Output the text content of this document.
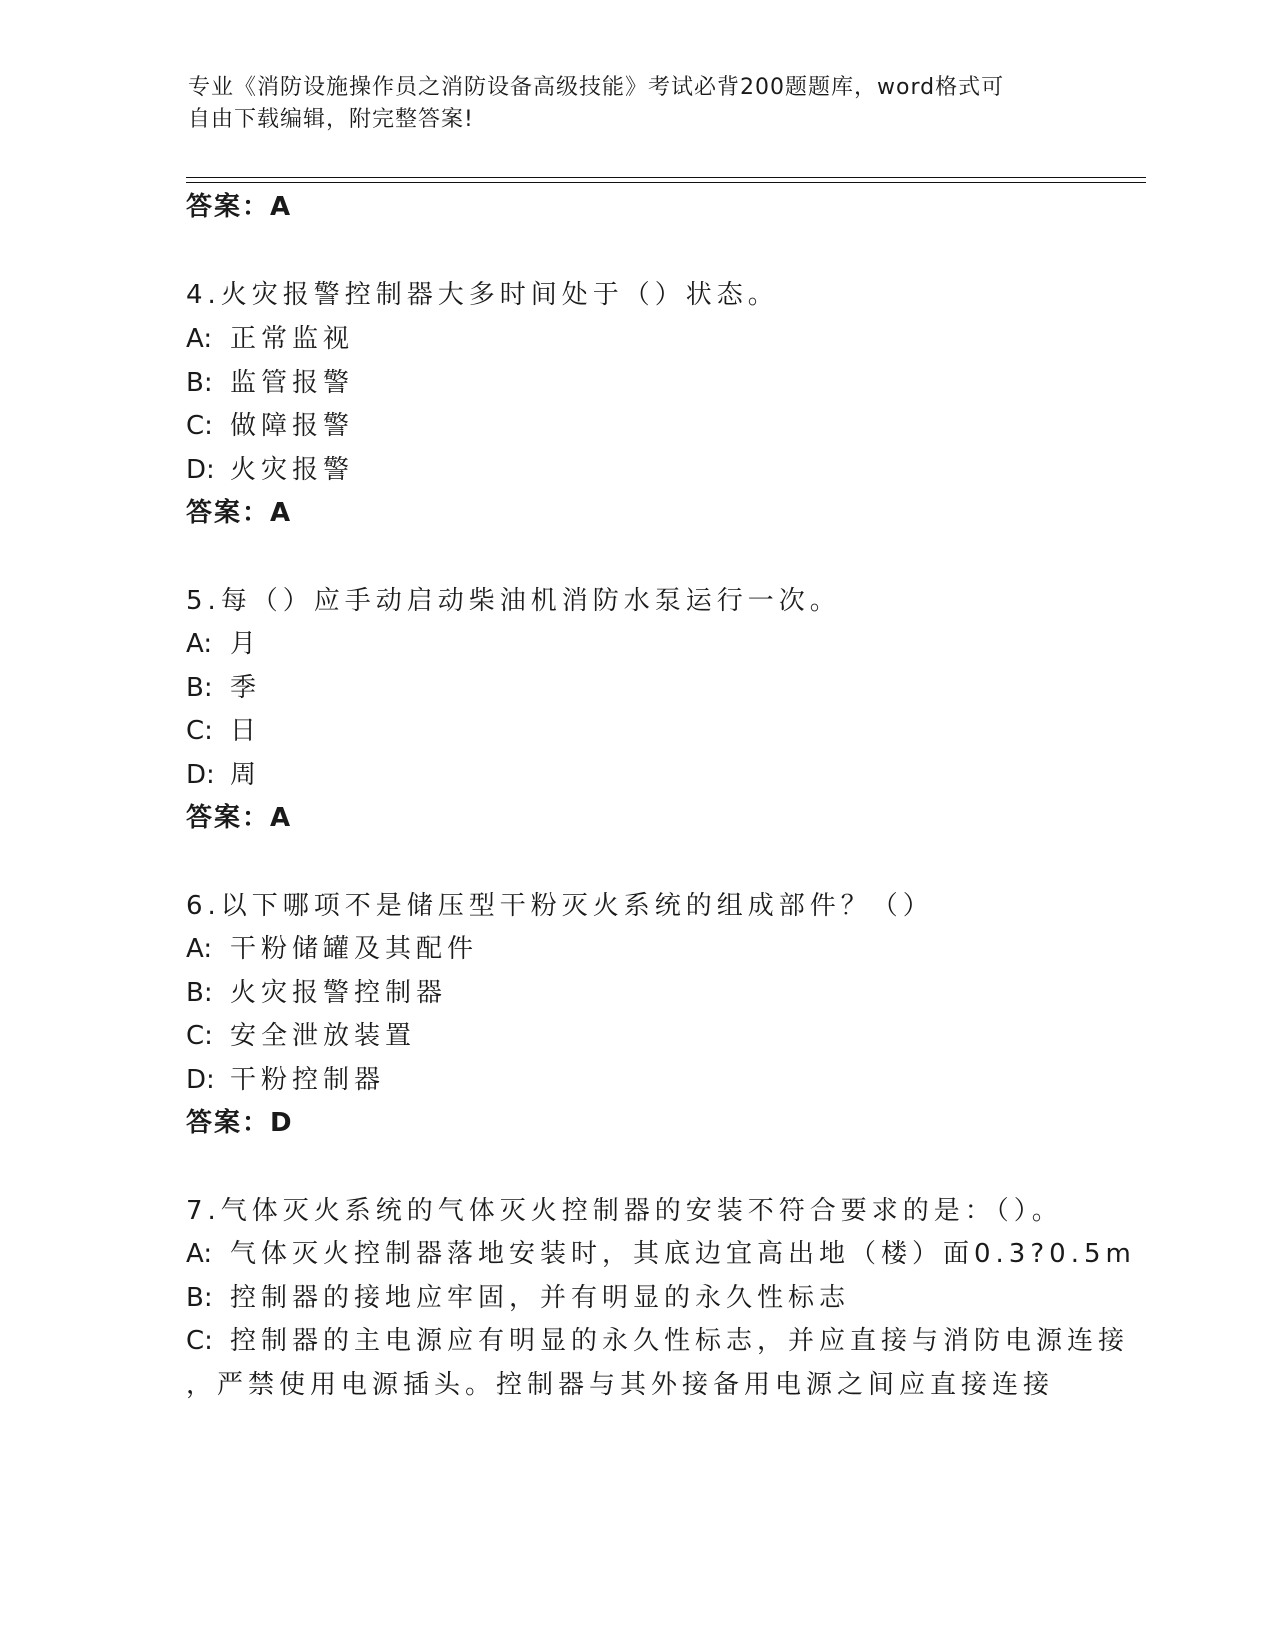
专业《消防设施操作员之消防设备高级技能》考试必背200题题库，word格式可
自由下载编辑，附完整答案!
答案：A
4.火灾报警控制器大多时间处于（）状态。
A: 正常监视
B: 监管报警
C: 做障报警
D: 火灾报警
答案：A
5.每（）应手动启动柴油机消防水泵运行一次。
A: 月
B: 季
C: 日
D: 周
答案：A
6.以下哪项不是储压型干粉灭火系统的组成部件？（）
A: 干粉储罐及其配件
B: 火灾报警控制器
C: 安全泄放装置
D: 干粉控制器
答案：D
7.气体灭火系统的气体灭火控制器的安装不符合要求的是：（）。
A: 气体灭火控制器落地安装时，其底边宜高出地（楼）面0.3?0.5m
B: 控制器的接地应牢固，并有明显的永久性标志
C: 控制器的主电源应有明显的永久性标志，并应直接与消防电源连接
，严禁使用电源插头。控制器与其外接备用电源之间应直接连接
